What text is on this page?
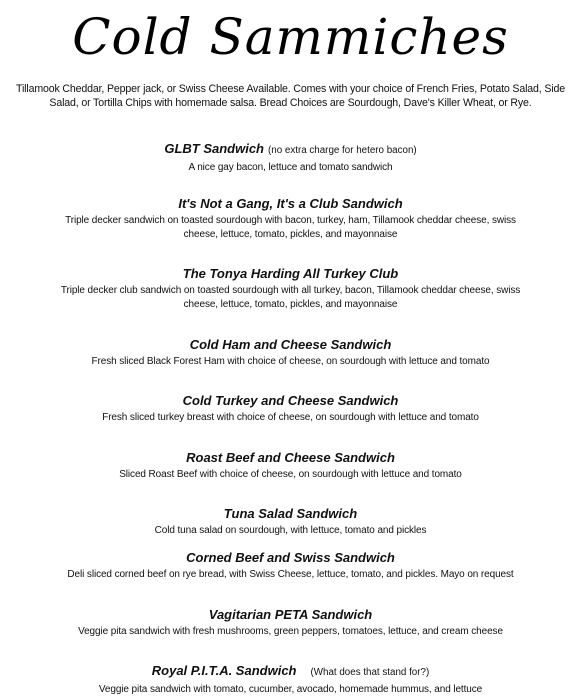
Cold Sammiches

Tillamook Cheddar, Pepper jack, or Swiss Cheese Available. Comes with your choice of French Fries, Potato Salad, Side Salad, or Tortilla Chips with homemade salsa. Bread Choices are Sourdough, Dave's Killer Wheat, or Rye.

GLBT Sandwich (no extra charge for hetero bacon)

A nice gay bacon, lettuce and tomato sandwich

It's Not a Gang, It's a Club Sandwich

Triple decker sandwich on toasted sourdough with bacon, turkey, ham, Tillamook cheddar cheese, swiss cheese, lettuce, tomato, pickles, and mayonnaise

The Tonya Harding All Turkey Club

Triple decker club sandwich on toasted sourdough with all turkey, bacon, Tillamook cheddar cheese, swiss cheese, lettuce, tomato, pickles, and mayonnaise

Cold Ham and Cheese Sandwich

Fresh sliced Black Forest Ham with choice of cheese, on sourdough with lettuce and tomato

Cold Turkey and Cheese Sandwich

Fresh sliced turkey breast with choice of cheese, on sourdough with lettuce and tomato

Roast Beef and Cheese Sandwich

Sliced Roast Beef with choice of cheese, on sourdough with lettuce and tomato

Tuna Salad Sandwich

Cold tuna salad on sourdough, with lettuce, tomato and pickles

Corned Beef and Swiss Sandwich

Deli sliced corned beef on rye bread, with Swiss Cheese, lettuce, tomato, and pickles. Mayo on request

Vagitarian PETA Sandwich

Veggie pita sandwich with fresh mushrooms, green peppers, tomatoes, lettuce, and cream cheese

Royal P.I.T.A. Sandwich (What does that stand for?)

Veggie pita sandwich with tomato, cucumber, avocado, homemade hummus, and lettuce
